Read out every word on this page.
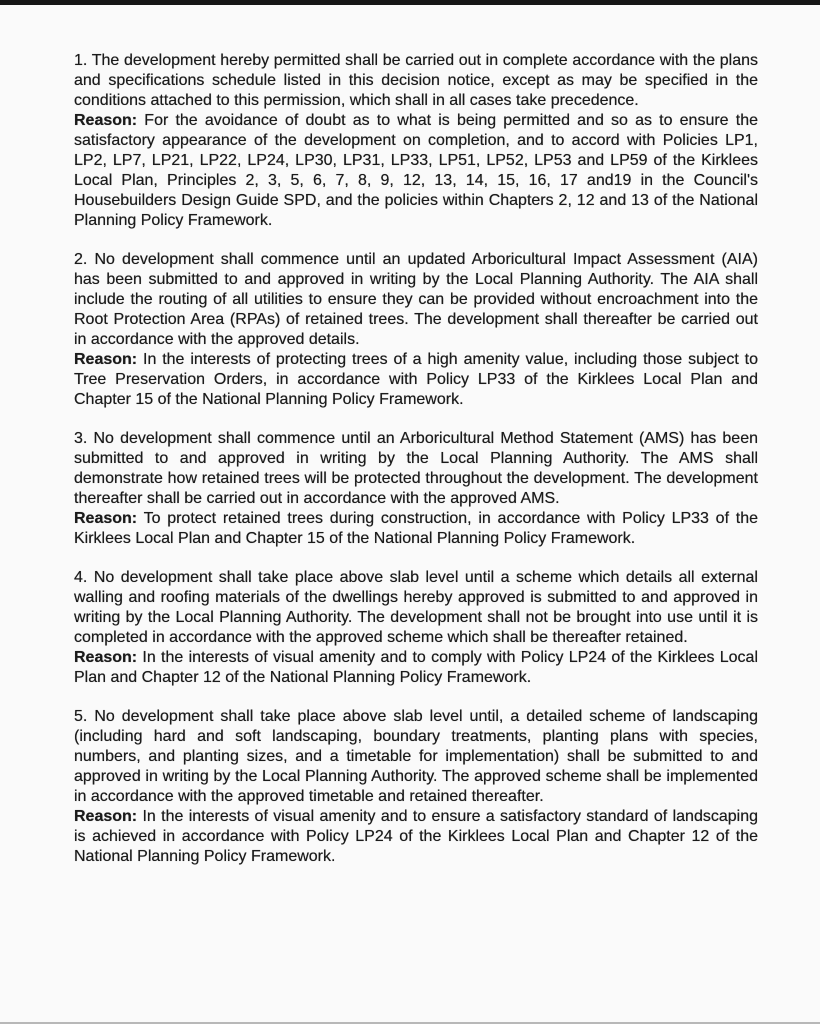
1. The development hereby permitted shall be carried out in complete accordance with the plans and specifications schedule listed in this decision notice, except as may be specified in the conditions attached to this permission, which shall in all cases take precedence.

Reason: For the avoidance of doubt as to what is being permitted and so as to ensure the satisfactory appearance of the development on completion, and to accord with Policies LP1, LP2, LP7, LP21, LP22, LP24, LP30, LP31, LP33, LP51, LP52, LP53 and LP59 of the Kirklees Local Plan, Principles 2, 3, 5, 6, 7, 8, 9, 12, 13, 14, 15, 16, 17 and19 in the Council's Housebuilders Design Guide SPD, and the policies within Chapters 2, 12 and 13 of the National Planning Policy Framework.

2. No development shall commence until an updated Arboricultural Impact Assessment (AIA) has been submitted to and approved in writing by the Local Planning Authority. The AIA shall include the routing of all utilities to ensure they can be provided without encroachment into the Root Protection Area (RPAs) of retained trees. The development shall thereafter be carried out in accordance with the approved details.

Reason: In the interests of protecting trees of a high amenity value, including those subject to Tree Preservation Orders, in accordance with Policy LP33 of the Kirklees Local Plan and Chapter 15 of the National Planning Policy Framework.

3. No development shall commence until an Arboricultural Method Statement (AMS) has been submitted to and approved in writing by the Local Planning Authority. The AMS shall demonstrate how retained trees will be protected throughout the development. The development thereafter shall be carried out in accordance with the approved AMS.

Reason: To protect retained trees during construction, in accordance with Policy LP33 of the Kirklees Local Plan and Chapter 15 of the National Planning Policy Framework.

4. No development shall take place above slab level until a scheme which details all external walling and roofing materials of the dwellings hereby approved is submitted to and approved in writing by the Local Planning Authority. The development shall not be brought into use until it is completed in accordance with the approved scheme which shall be thereafter retained.

Reason: In the interests of visual amenity and to comply with Policy LP24 of the Kirklees Local Plan and Chapter 12 of the National Planning Policy Framework.

5. No development shall take place above slab level until, a detailed scheme of landscaping (including hard and soft landscaping, boundary treatments, planting plans with species, numbers, and planting sizes, and a timetable for implementation) shall be submitted to and approved in writing by the Local Planning Authority. The approved scheme shall be implemented in accordance with the approved timetable and retained thereafter.

Reason: In the interests of visual amenity and to ensure a satisfactory standard of landscaping is achieved in accordance with Policy LP24 of the Kirklees Local Plan and Chapter 12 of the National Planning Policy Framework.
